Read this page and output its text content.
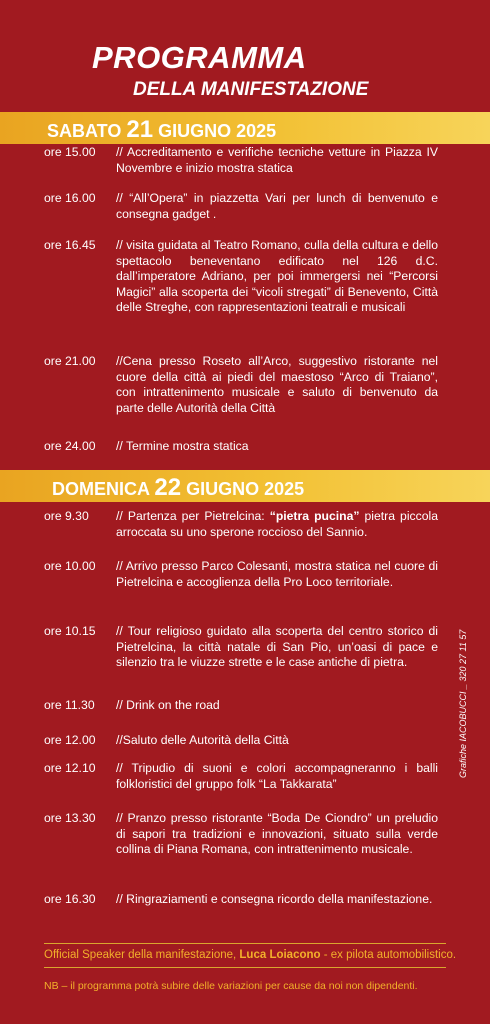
PROGRAMMA
DELLA MANIFESTAZIONE
SABATO 21 GIUGNO 2025
ore 15.00	// Accreditamento e verifiche tecniche vetture in Piazza IV Novembre e inizio mostra statica
ore 16.00	// “All’Opera” in piazzetta Vari per lunch di benvenuto e consegna gadget .
ore 16.45	// visita guidata al Teatro Romano, culla della cultura e dello spettacolo beneventano edificato nel 126 d.C. dall’imperatore Adriano, per poi immergersi nei “Percorsi Magici” alla scoperta dei “vicoli stregati” di Benevento, Città delle Streghe, con rappresentazioni teatrali e musicali
ore 21.00	//Cena presso Roseto all’Arco, suggestivo ristorante nel cuore della città ai piedi del maestoso “Arco di Traiano”, con intrattenimento musicale e saluto di benvenuto da parte delle Autorità della Città
ore 24.00	// Termine mostra statica
DOMENICA 22 GIUGNO 2025
ore 9.30	// Partenza per Pietrelcina: “pietra pucina” pietra piccola arroccata su uno sperone roccioso del Sannio.
ore 10.00	// Arrivo presso Parco Colesanti, mostra statica nel cuore di Pietrelcina e accoglienza della Pro Loco territoriale.
ore 10.15	// Tour religioso guidato alla scoperta del centro storico di Pietrelcina, la città natale di San Pio, un’oasi di pace e silenzio tra le viuzze strette e le case antiche di pietra.
ore 11.30	// Drink on the road
ore 12.00	//Saluto delle Autorità della Città
ore 12.10	// Tripudio di suoni e colori accompagneranno i balli folkloristici del gruppo folk “La Takkarata”
ore 13.30	// Pranzo presso ristorante “Boda De Ciondro” un preludio di sapori tra tradizioni e innovazioni, situato sulla verde collina di Piana Romana, con intrattenimento musicale.
ore 16.30	// Ringraziamenti e consegna ricordo della manifestazione.
Grafiche IACOBUCCI _ 320 27 11 57
Official Speaker della manifestazione, Luca Loiacono - ex pilota automobilistico.
NB – il programma potrà subire delle variazioni per cause da noi non dipendenti.
